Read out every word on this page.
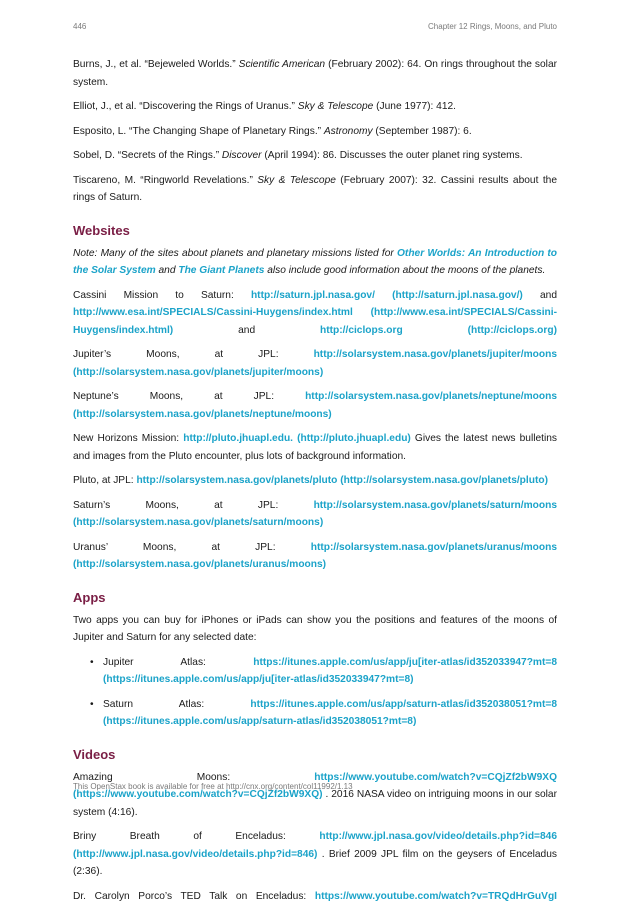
446	Chapter 12 Rings, Moons, and Pluto

Burns, J., et al. “Bejeweled Worlds.” Scientific American (February 2002): 64. On rings throughout the solar system.

Elliot, J., et al. “Discovering the Rings of Uranus.” Sky & Telescope (June 1977): 412.

Esposito, L. “The Changing Shape of Planetary Rings.” Astronomy (September 1987): 6.

Sobel, D. “Secrets of the Rings.” Discover (April 1994): 86. Discusses the outer planet ring systems.

Tiscareno, M. “Ringworld Revelations.” Sky & Telescope (February 2007): 32. Cassini results about the rings of Saturn.

Websites

Note: Many of the sites about planets and planetary missions listed for Other Worlds: An Introduction to the Solar System and The Giant Planets also include good information about the moons of the planets.

Cassini Mission to Saturn: http://saturn.jpl.nasa.gov/ (http://saturn.jpl.nasa.gov/) and http://www.esa.int/SPECIALS/Cassini-Huygens/index.html (http://www.esa.int/SPECIALS/Cassini-Huygens/index.html) and http://ciclops.org (http://ciclops.org)

Jupiter’s Moons, at JPL: http://solarsystem.nasa.gov/planets/jupiter/moons (http://solarsystem.nasa.gov/planets/jupiter/moons)

Neptune’s Moons, at JPL: http://solarsystem.nasa.gov/planets/neptune/moons (http://solarsystem.nasa.gov/planets/neptune/moons)

New Horizons Mission: http://pluto.jhuapl.edu. (http://pluto.jhuapl.edu) Gives the latest news bulletins and images from the Pluto encounter, plus lots of background information.

Pluto, at JPL: http://solarsystem.nasa.gov/planets/pluto (http://solarsystem.nasa.gov/planets/pluto)

Saturn’s Moons, at JPL: http://solarsystem.nasa.gov/planets/saturn/moons (http://solarsystem.nasa.gov/planets/saturn/moons)

Uranus’ Moons, at JPL: http://solarsystem.nasa.gov/planets/uranus/moons (http://solarsystem.nasa.gov/planets/uranus/moons)

Apps

Two apps you can buy for iPhones or iPads can show you the positions and features of the moons of Jupiter and Saturn for any selected date:

• Jupiter Atlas: https://itunes.apple.com/us/app/ju[iter-atlas/id352033947?mt=8 (https://itunes.apple.com/us/app/ju[iter-atlas/id352033947?mt=8)
• Saturn Atlas: https://itunes.apple.com/us/app/saturn-atlas/id352038051?mt=8 (https://itunes.apple.com/us/app/saturn-atlas/id352038051?mt=8)
Videos

Amazing Moons: https://www.youtube.com/watch?v=CQjZf2bW9XQ (https://www.youtube.com/watch?v=CQjZf2bW9XQ) . 2016 NASA video on intriguing moons in our solar system (4:16).

Briny Breath of Enceladus: http://www.jpl.nasa.gov/video/details.php?id=846 (http://www.jpl.nasa.gov/video/details.php?id=846) . Brief 2009 JPL film on the geysers of Enceladus (2:36).

Dr. Carolyn Porco’s TED Talk on Enceladus: https://www.youtube.com/watch?v=TRQdHrGuVgI

This OpenStax book is available for free at http://cnx.org/content/col11992/1.13
